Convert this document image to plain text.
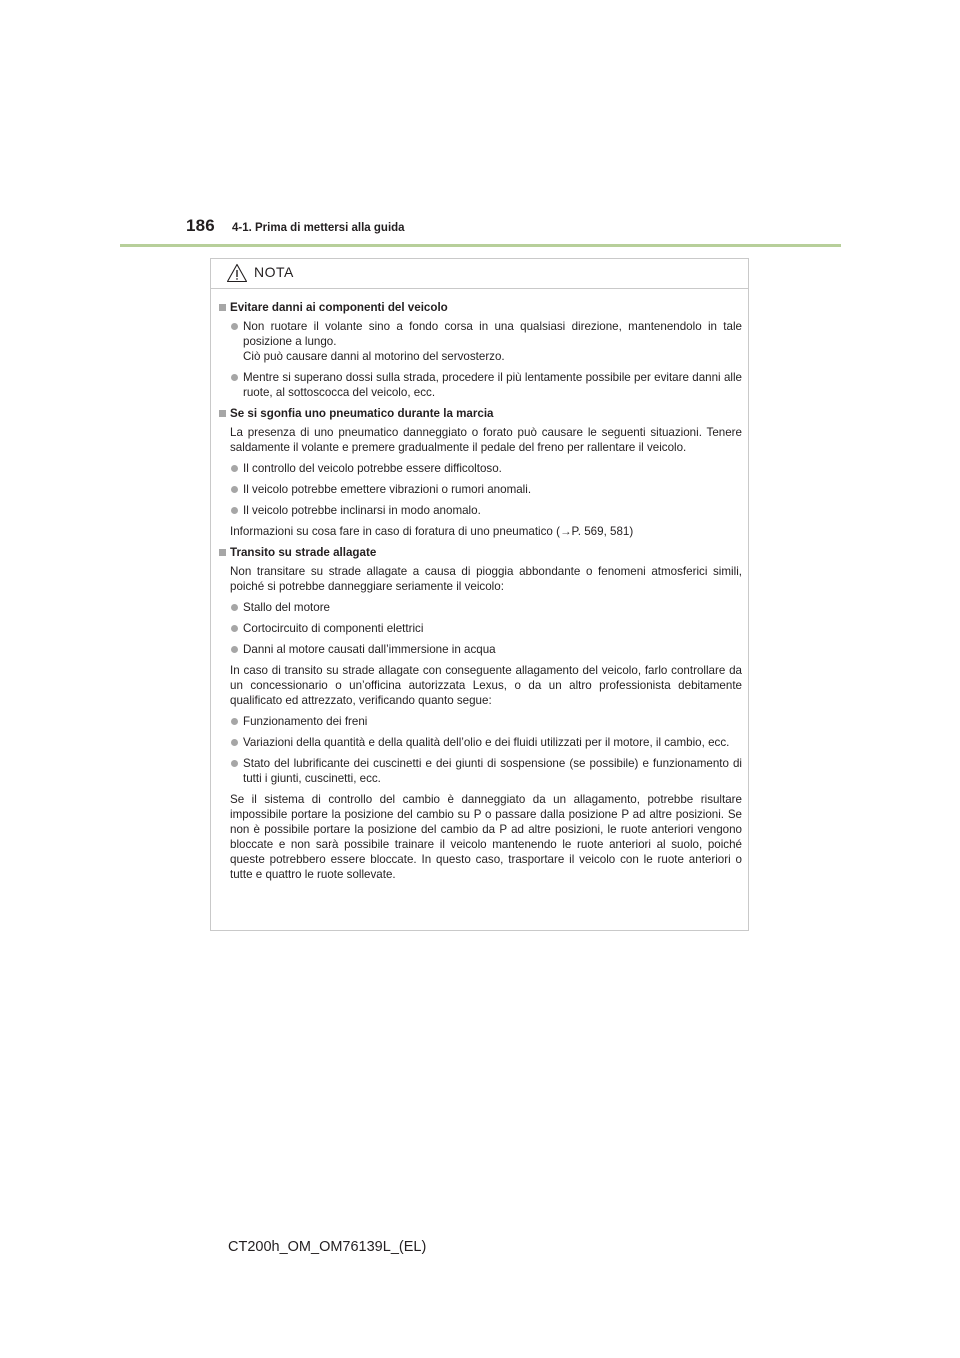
186 4-1. Prima di mettersi alla guida
NOTA
Evitare danni ai componenti del veicolo
Non ruotare il volante sino a fondo corsa in una qualsiasi direzione, mantenendolo in tale posizione a lungo.
Ciò può causare danni al motorino del servosterzo.
Mentre si superano dossi sulla strada, procedere il più lentamente possibile per evitare danni alle ruote, al sottoscocca del veicolo, ecc.
Se si sgonfia uno pneumatico durante la marcia
La presenza di uno pneumatico danneggiato o forato può causare le seguenti situazioni. Tenere saldamente il volante e premere gradualmente il pedale del freno per rallentare il veicolo.
Il controllo del veicolo potrebbe essere difficoltoso.
Il veicolo potrebbe emettere vibrazioni o rumori anomali.
Il veicolo potrebbe inclinarsi in modo anomalo.
Informazioni su cosa fare in caso di foratura di uno pneumatico (→P. 569, 581)
Transito su strade allagate
Non transitare su strade allagate a causa di pioggia abbondante o fenomeni atmosferici simili, poiché si potrebbe danneggiare seriamente il veicolo:
Stallo del motore
Cortocircuito di componenti elettrici
Danni al motore causati dall’immersione in acqua
In caso di transito su strade allagate con conseguente allagamento del veicolo, farlo controllare da un concessionario o un’officina autorizzata Lexus, o da un altro professionista debitamente qualificato ed attrezzato, verificando quanto segue:
Funzionamento dei freni
Variazioni della quantità e della qualità dell’olio e dei fluidi utilizzati per il motore, il cambio, ecc.
Stato del lubrificante dei cuscinetti e dei giunti di sospensione (se possibile) e funzionamento di tutti i giunti, cuscinetti, ecc.
Se il sistema di controllo del cambio è danneggiato da un allagamento, potrebbe risultare impossibile portare la posizione del cambio su P o passare dalla posizione P ad altre posizioni. Se non è possibile portare la posizione del cambio da P ad altre posizioni, le ruote anteriori vengono bloccate e non sarà possibile trainare il veicolo mantenendo le ruote anteriori al suolo, poiché queste potrebbero essere bloccate. In questo caso, trasportare il veicolo con le ruote anteriori o tutte e quattro le ruote sollevate.
CT200h_OM_OM76139L_(EL)
